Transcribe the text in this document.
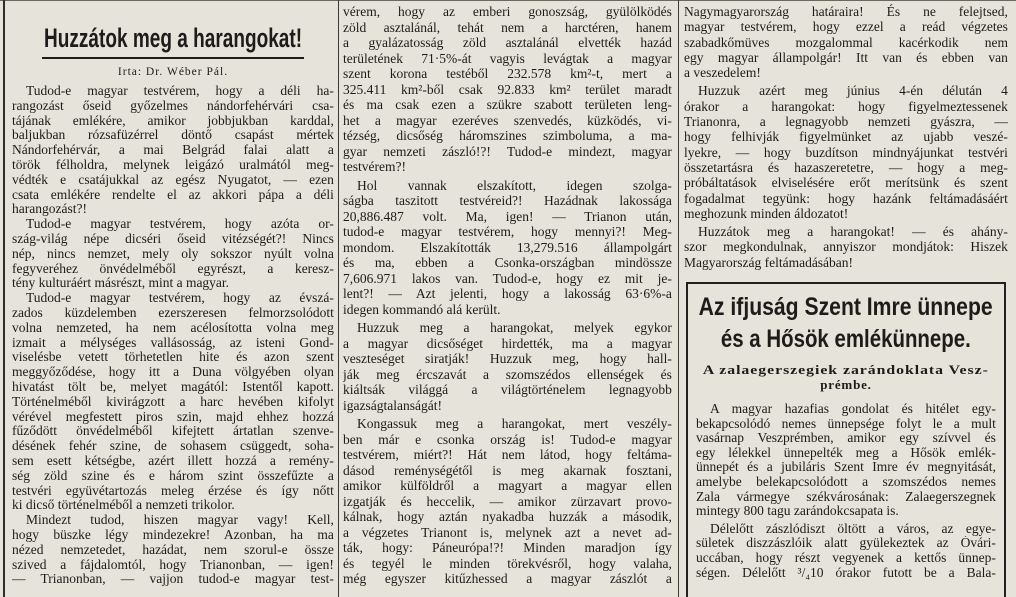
Huzzátok meg a harangokat!
Irta: Dr. Wéber Pál.
Tudod-e magyar testvérem, hogy a déli ha-
rangozást őseid győzelmes nándorfehérvári csa-
tájának emlékére, amikor jobbjukban karddal,
baljukban rózsafüzérrel döntő csapást mértek
Nándorfehérvár, a mai Belgrád falai alatt a
török félholdra, melynek leigázó uralmától meg-
védték e csatájukkal az egész Nyugatot, — ezen
csata emlékére rendelte el az akkori pápa a déli
harangozást?!
Tudod-e magyar testvérem, hogy azóta or-
szág-világ népe dicséri őseid vitézségét?! Nincs
nép, nincs nemzet, mely oly sokszor nyúlt volna
fegyveréhez önvédelméből egyrészt, a keresz-
tény kulturáért másrészt, mint a magyar.
Tudod-e magyar testvérem, hogy az évszá-
zados küzdelemben ezerszeresen felmorzsolódott
volna nemzeted, ha nem acélosította volna meg
izmait a mélységes vallásosság, az isteni Gond-
viselésbe vetett törhetetlen hite és azon szent
meggyőződése, hogy itt a Duna völgyében olyan
hivatást tölt be, melyet magától: Istentől kapott.
Történelméből kivirágzott a harc hevében kifolyt
vérével megfestett piros szin, majd ehhez hozzá
fűződött önvédelméből kifejtett ártatlan szenve-
désének fehér szine, de sohasem csüggedt, soha-
sem esett kétségbe, azért illett hozzá a remény-
ség zöld szine és e három szint összefűzte a
testvéri együvétartozás meleg érzése és így nőtt
ki dicső történelméből a nemzeti trikolor.
Mindezt tudod, hiszen magyar vagy! Kell,
hogy büszke légy mindezekre! Azonban, ha ma
nézed nemzetedet, hazádat, nem szorul-e össze
szived a fájdalomtól, hogy Trianonban, — igen!
— Trianonban, — vajjon tudod-e magyar test-
vérem, hogy az emberi gonoszság, gyülölködés
zöld asztalánál, tehát nem a harctéren, hanem
a gyalázatosság zöld asztalánál elvették hazád
területének 71·5%-át vagyis levágtak a magyar
szent korona testéből 232.578 km²-t, mert a
325.411 km²-ből csak 92.833 km² terület maradt
és ma csak ezen a szükre szabott területen leng-
het a magyar ezeréves szenvedés, küzködés, vi-
tézség, dicsőség háromszines szimboluma, a ma-
gyar nemzeti zászló!?! Tudod-e mindezt, magyar
testvérem?!
Hol vannak elszakított, idegen szolga-
ságba taszitott testvéreid?! Hazádnak lakossága
20,886.487 volt. Ma, igen! — Trianon után,
tudod-e magyar testvérem, hogy mennyi?! Meg-
mondom. Elszakították 13,279.516 állampolgárt
és ma, ebben a Csonka-országban mindössze
7,606.971 lakos van. Tudod-e, hogy ez mit je-
lent?! — Azt jelenti, hogy a lakosság 63·6%-a
idegen kommandó alá került.
Huzzuk meg a harangokat, melyek egykor
a magyar dicsőséget hirdették, ma a magyar
veszteséget siratják! Huzzuk meg, hogy hall-
ják meg ércszavát a szomszédos ellenségek és
kiáltsák világgá a világtörténelem legnagyobb
igazságtalanságát!
Kongassuk meg a harangokat, mert veszély-
ben már e csonka ország is! Tudod-e magyar
testvérem, miért?! Hát nem látod, hogy feltáma-
dásod reménységétől is meg akarnak fosztani,
amikor külföldről a magyart a magyar ellen
izgatják és heccelik, — amikor zürzavart provo-
kálnak, hogy aztán nyakadba huzzák a második,
a végzetes Trianont is, melynek azt a nevet ad-
ták, hogy: Páneurópa!?! Minden maradjon így
és tegyél le minden törekvésről, hogy valaha,
még egyszer kitűzhessed a magyar zászlót a
Nagymagyarország határaira! És ne felejtsed,
magyar testvérem, hogy ezzel a reád végzetes
szabadkőmüves mozgalommal kacérkodik nem
egy magyar állampolgár! Itt van és ebben van
a veszedelem!
Huzzuk azért meg június 4-én délután 4
órakor a harangokat: hogy figyelmeztessenek
Trianonra, a legnagyobb nemzeti gyászra, —
hogy felhivják figyelmünket az ujabb veszé-
lyekre, — hogy buzdítson mindnyájunkat testvéri
összetartásra és hazaszeretetre, — hogy a meg-
próbáltatások elviselésére erőt merítsünk és szent
fogadalmat tegyünk: hogy hazánk feltámadásáért
meghozunk minden áldozatot!
Huzzátok meg a harangokat! — és ahány-
szor megkondulnak, annyiszor mondjátok: Hiszek
Magyarország feltámadásában!
Az ifjuság Szent Imre ünnepe
és a Hősök emlékünnepe.
A zalaegerszegiek zarándoklata Vesz-
prémbe.
A magyar hazafias gondolat és hitélet egy-
bekapcsolódó nemes ünnepsége folyt le a mult
vasárnap Veszprémben, amikor egy szívvel és
egy lélekkel ünnepelték meg a Hősök emlék-
ünnepét és a jubiláris Szent Imre év megnyitását,
amelybe belekapcsolódott a szomszédos nemes
Zala vármegye székvárosának: Zalaegerszegnek
mintegy 800 tagu zarándokcsapata is.
Délelőtt zászlódiszt öltött a város, az egye-
sületek diszzászlóik alatt gyülekeztek az Óvári-
uccában, hogy részt vegyenek a kettős ünnep-
ségen. Délelőtt ³/₄10 órakor futott be a Bala-
